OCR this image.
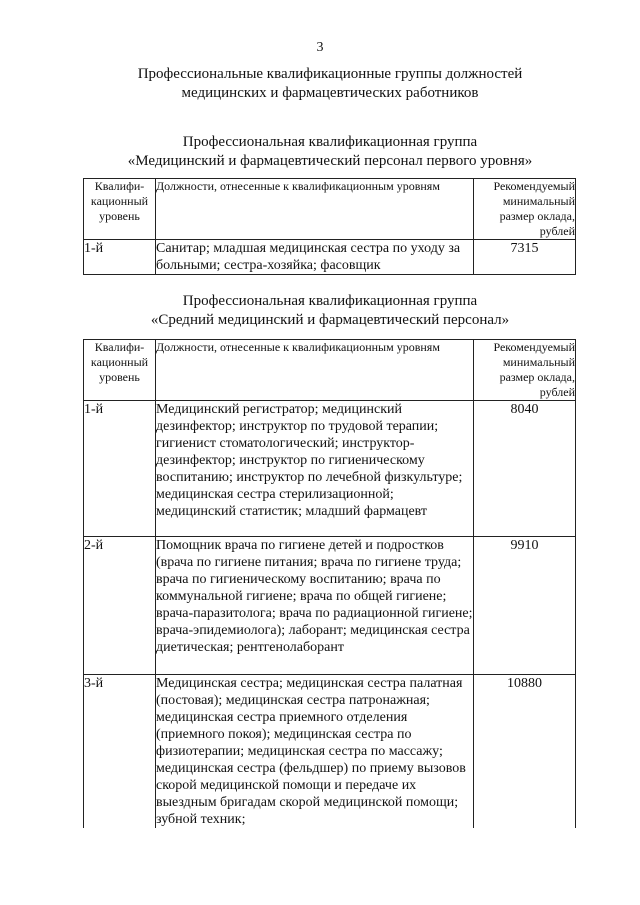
3
Профессиональные квалификационные группы должностей
медицинских и фармацевтических работников
Профессиональная квалификационная группа
«Медицинский и фармацевтический персонал первого уровня»
Квалифи-кационный уровень	Должности, отнесенные к квалификационным уровням	Рекомендуемый минимальный размер оклада, рублей
1-й	Санитар; младшая медицинская сестра по уходу за больными; сестра-хозяйка; фасовщик	7315
Профессиональная квалификационная группа
«Средний медицинский и фармацевтический персонал»
Квалифи-кационный уровень	Должности, отнесенные к квалификационным уровням	Рекомендуемый минимальный размер оклада, рублей
1-й	Медицинский регистратор; медицинский дезинфектор; инструктор по трудовой терапии; гигиенист стоматологический; инструктор-дезинфектор; инструктор по гигиеническому воспитанию; инструктор по лечебной физкультуре; медицинская сестра стерилизационной; медицинский статистик; младший фармацевт	8040
2-й	Помощник врача по гигиене детей и подростков (врача по гигиене питания; врача по гигиене труда; врача по гигиеническому воспитанию; врача по коммунальной гигиене; врача по общей гигиене; врача-паразитолога; врача по радиационной гигиене; врача-эпидемиолога); лаборант; медицинская сестра диетическая; рентгенолаборант	9910
3-й	Медицинская сестра; медицинская сестра палатная (постовая); медицинская сестра патронажная; медицинская сестра приемного отделения (приемного покоя); медицинская сестра по физиотерапии; медицинская сестра по массажу; медицинская сестра (фельдшер) по приему вызовов скорой медицинской помощи и передаче их выездным бригадам скорой медицинской помощи; зубной техник;	10880
